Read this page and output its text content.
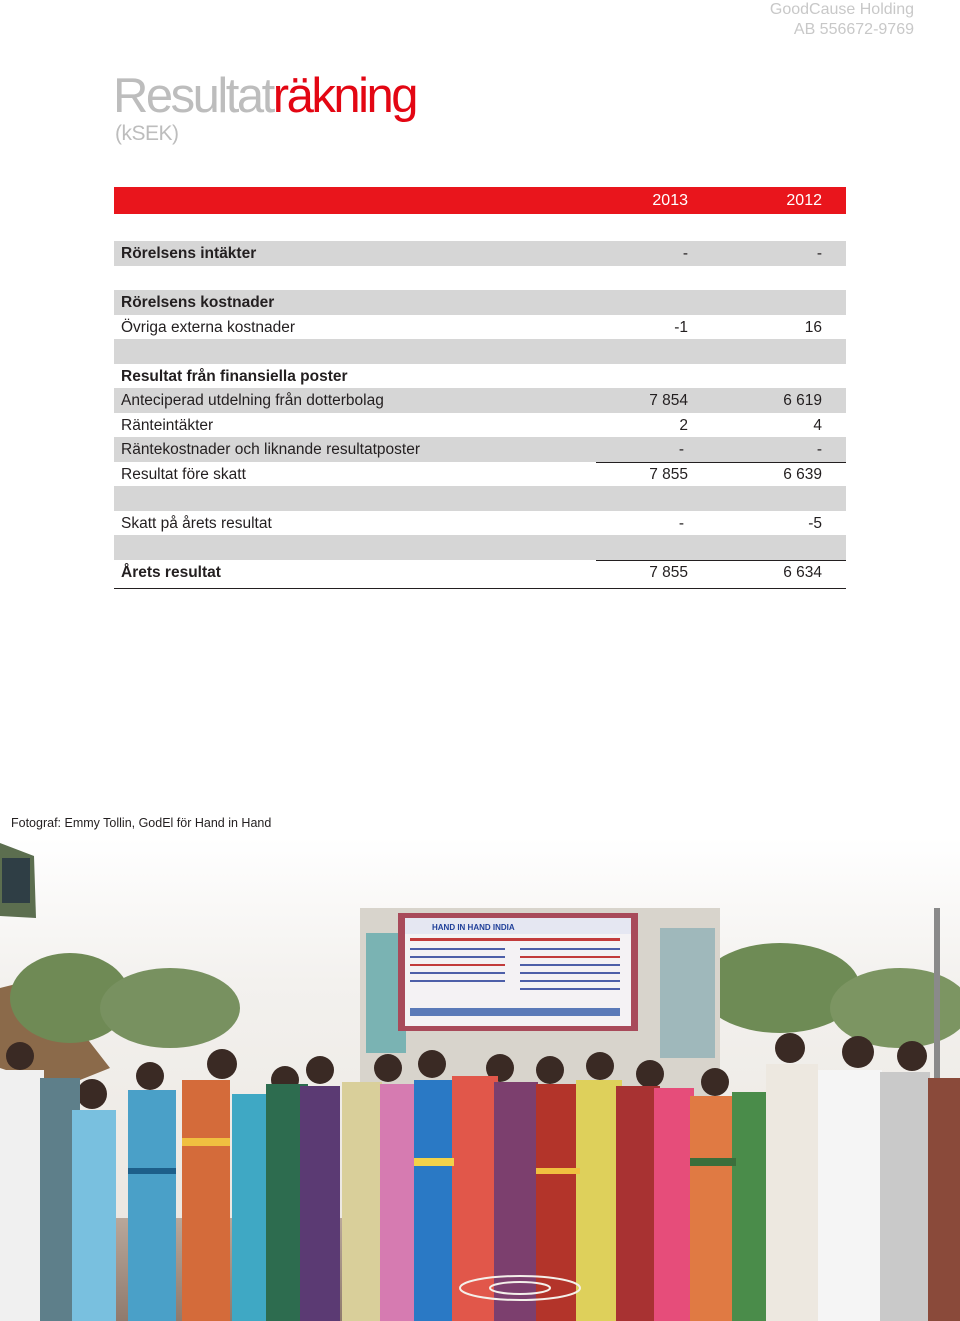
GoodCause Holding
AB 556672-9769
Resultaträkning
(kSEK)
2013	2012
Rörelsens intäkter	-	-
Rörelsens kostnader
Övriga externa kostnader	-1	16
Resultat från finansiella poster
Anteciperad utdelning från dotterbolag	7 854	6 619
Ränteintäkter	2	4
Räntekostnader och liknande resultatposter	-	-
Resultat före skatt	7 855	6 639
Skatt på årets resultat	-	-5
Årets resultat	7 855	6 634
Fotograf: Emmy Tollin, GodEl för Hand in Hand
HAND IN HAND INDIA
